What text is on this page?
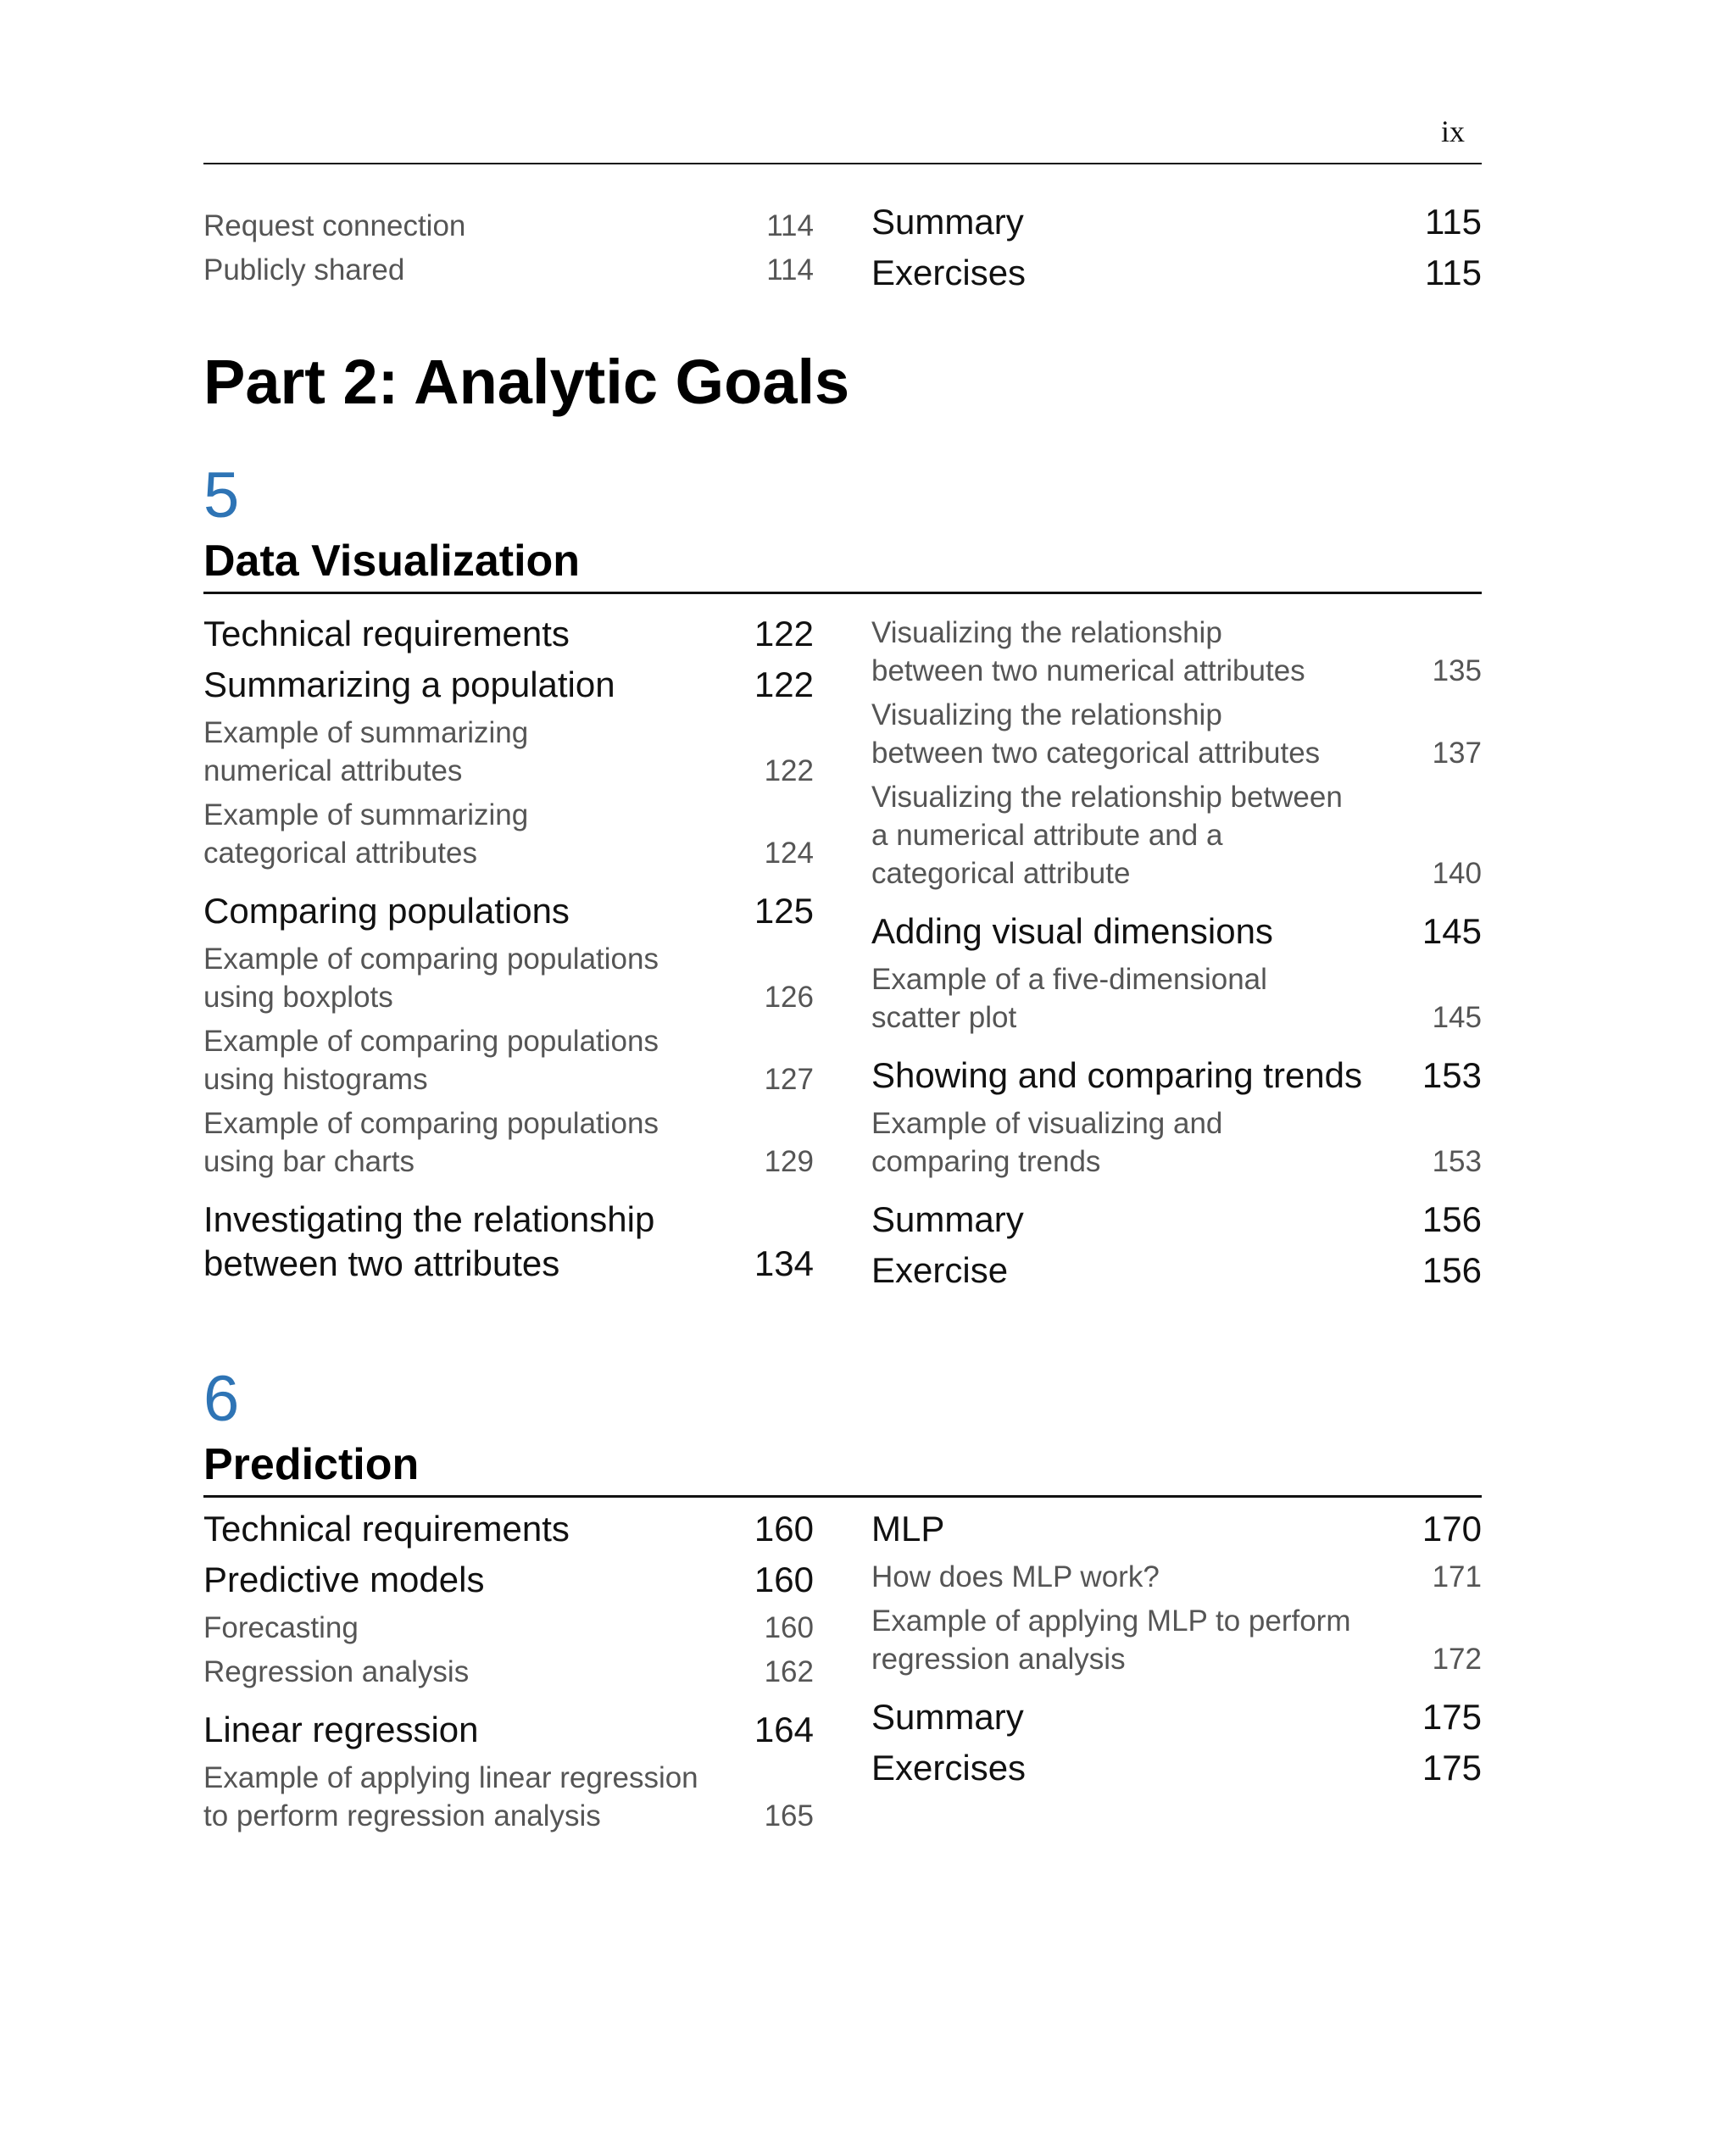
ix
Request connection	114
Publicly shared	114
Summary	115
Exercises	115
Part 2: Analytic Goals
5
Data Visualization
Technical requirements	122
Summarizing a population	122
Example of summarizing
numerical attributes	122
Example of summarizing
categorical attributes	124
Comparing populations	125
Example of comparing populations
using boxplots	126
Example of comparing populations
using histograms	127
Example of comparing populations
using bar charts	129
Investigating the relationship
between two attributes	134
Visualizing the relationship
between two numerical attributes	135
Visualizing the relationship
between two categorical attributes	137
Visualizing the relationship between
a numerical attribute and a
categorical attribute	140
Adding visual dimensions	145
Example of a five-dimensional
scatter plot	145
Showing and comparing trends	153
Example of visualizing and
comparing trends	153
Summary	156
Exercise	156
6
Prediction
Technical requirements	160
Predictive models	160
Forecasting	160
Regression analysis	162
Linear regression	164
Example of applying linear regression
to perform regression analysis	165
MLP	170
How does MLP work?	171
Example of applying MLP to perform
regression analysis	172
Summary	175
Exercises	175
